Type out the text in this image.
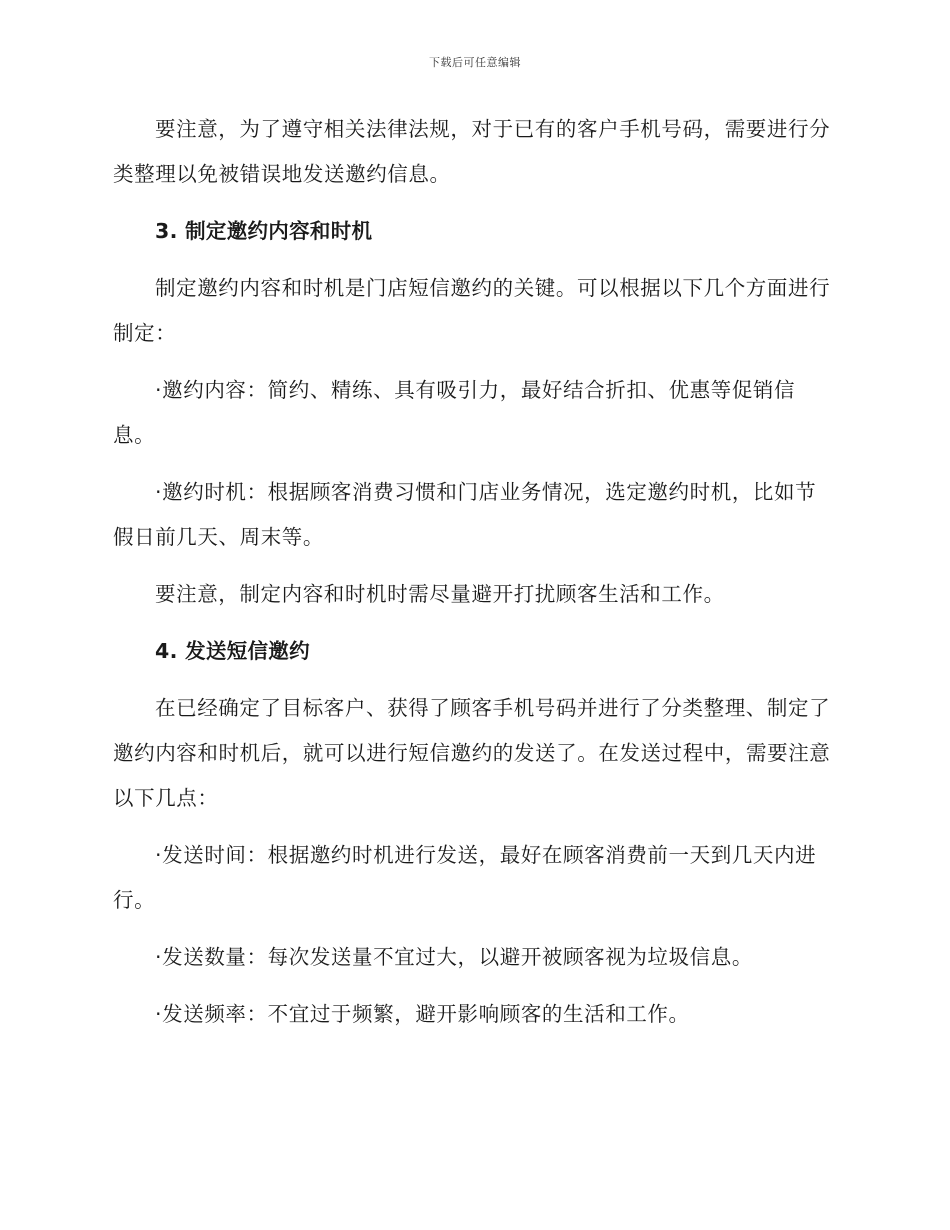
下载后可任意编辑

要注意，为了遵守相关法律法规，对于已有的客户手机号码，需要进行分类整理以免被错误地发送邀约信息。

3. 制定邀约内容和时机

制定邀约内容和时机是门店短信邀约的关键。可以根据以下几个方面进行制定：

·邀约内容：简约、精练、具有吸引力，最好结合折扣、优惠等促销信息。

·邀约时机：根据顾客消费习惯和门店业务情况，选定邀约时机，比如节假日前几天、周末等。

要注意，制定内容和时机时需尽量避开打扰顾客生活和工作。

4. 发送短信邀约

在已经确定了目标客户、获得了顾客手机号码并进行了分类整理、制定了邀约内容和时机后，就可以进行短信邀约的发送了。在发送过程中，需要注意以下几点：

·发送时间：根据邀约时机进行发送，最好在顾客消费前一天到几天内进行。

·发送数量：每次发送量不宜过大，以避开被顾客视为垃圾信息。

·发送频率：不宜过于频繁，避开影响顾客的生活和工作。
